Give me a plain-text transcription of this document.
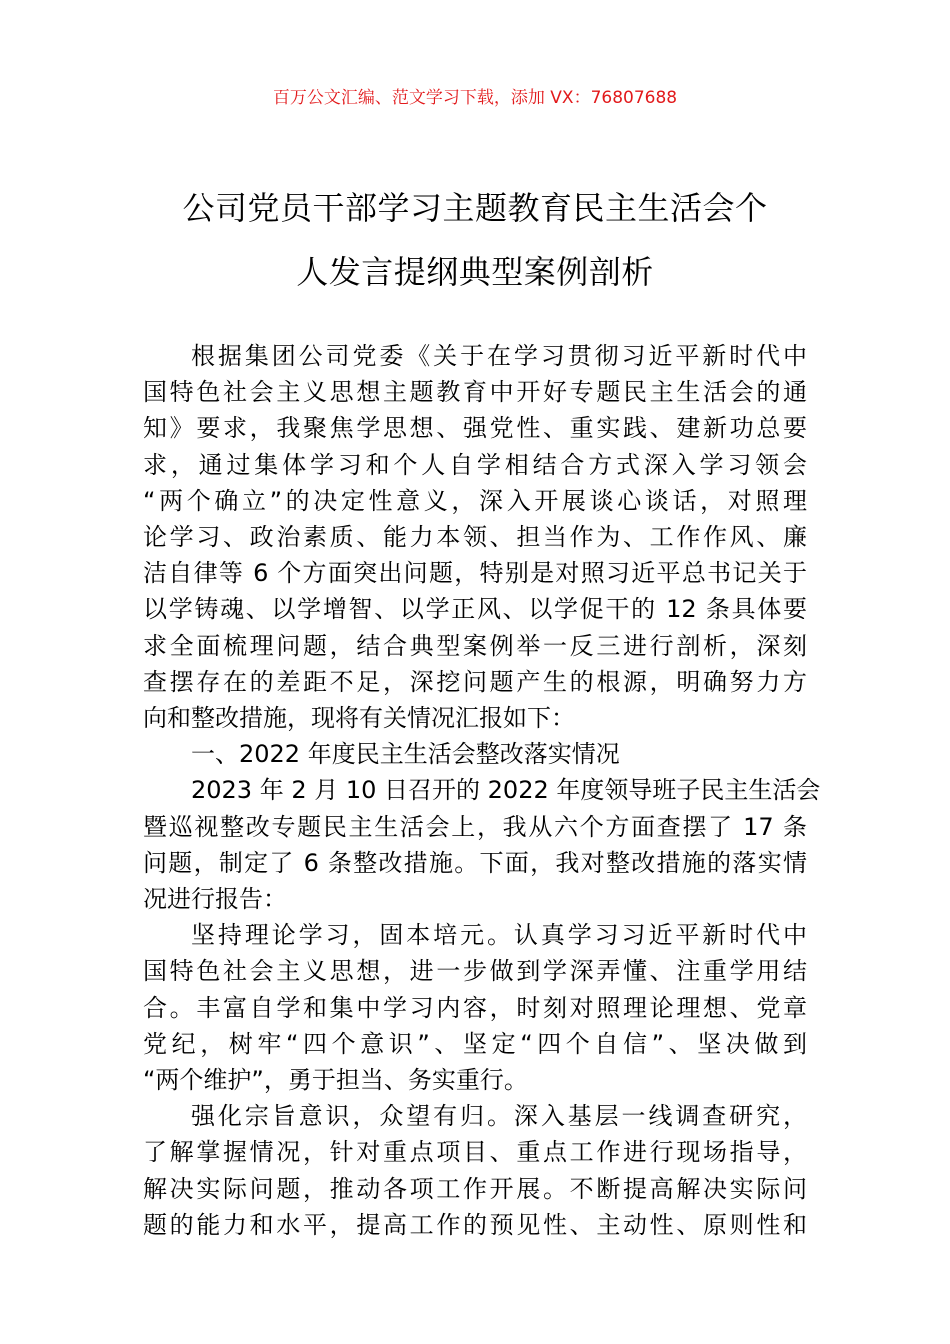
百万公文汇编、范文学习下载，添加 VX：76807688
公司党员干部学习主题教育民主生活会个
人发言提纲典型案例剖析
根据集团公司党委《关于在学习贯彻习近平新时代中
国特色社会主义思想主题教育中开好专题民主生活会的通
知》要求，我聚焦学思想、强党性、重实践、建新功总要
求，通过集体学习和个人自学相结合方式深入学习领会
“两个确立”的决定性意义，深入开展谈心谈话，对照理
论学习、政治素质、能力本领、担当作为、工作作风、廉
洁自律等 6 个方面突出问题，特别是对照习近平总书记关于
以学铸魂、以学增智、以学正风、以学促干的 12 条具体要
求全面梳理问题，结合典型案例举一反三进行剖析，深刻
查摆存在的差距不足，深挖问题产生的根源，明确努力方
向和整改措施，现将有关情况汇报如下：
一、2022 年度民主生活会整改落实情况
2023 年 2 月 10 日召开的 2022 年度领导班子民主生活会
暨巡视整改专题民主生活会上，我从六个方面查摆了 17 条
问题，制定了 6 条整改措施。下面，我对整改措施的落实情
况进行报告：
坚持理论学习，固本培元。认真学习习近平新时代中
国特色社会主义思想，进一步做到学深弄懂、注重学用结
合。丰富自学和集中学习内容，时刻对照理论理想、党章
党纪，树牢“四个意识”、坚定“四个自信”、坚决做到
“两个维护”，勇于担当、务实重行。
强化宗旨意识，众望有归。深入基层一线调查研究，
了解掌握情况，针对重点项目、重点工作进行现场指导，
解决实际问题，推动各项工作开展。不断提高解决实际问
题的能力和水平，提高工作的预见性、主动性、原则性和
